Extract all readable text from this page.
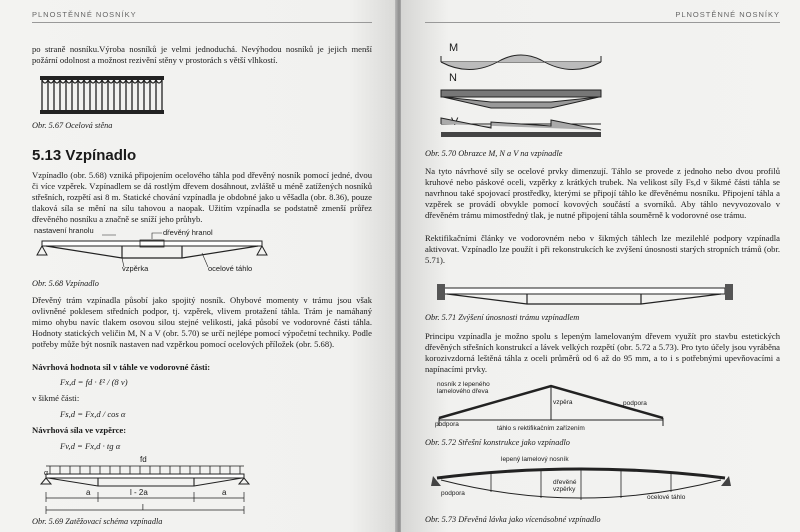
PLNOSTĚNNÉ NOSNÍKY

po straně nosníku.Výroba nosníků je velmi jednoduchá. Nevýhodou nosníků je jejich menší požární odolnost a možnost rezivění stěny v prostorách s větší vlhkostí.

Obr. 5.67 Ocelová stěna
5.13 Vzpínadlo

Vzpínadlo (obr. 5.68) vzniká připojením ocelového táhla pod dřevěný nosník pomocí jedné, dvou či více vzpěrek. Vzpínadlem se dá rostlým dřevem dosáhnout, zvláště u méně zatížených nosníků střešních, rozpětí asi 8 m. Statické chování vzpínadla je obdobné jako u věšadla (obr. 8.36), pouze tlaková síla se mění na sílu tahovou a naopak. Užitím vzpínadla se podstatně zmenší průřez dřevěného nosníku a značně se sníží jeho průhyb.

nastavení hranolu	dřevěný hranol
vzpěrka	ocelové táhlo
Obr. 5.68 Vzpínadlo

Dřevěný trám vzpínadla působí jako spojitý nosník. Ohybové momenty v trámu jsou však ovlivněné poklesem středních podpor, tj. vzpěrek, vlivem protažení táhla. Trám je namáhaný mimo ohybu navíc tlakem osovou silou stejné velikosti, jaká působí ve vodorovné části táhla. Hodnoty statických veličin M, N a V (obr. 5.70) se určí nejlépe pomocí výpočetní techniky. Podle potřeby může být nosník nastaven nad vzpěrkou pomocí ocelových příložek (obr. 5.68).

Návrhová hodnota sil v táhle ve vodorovné části:
Fx,d = fd · ℓ² / (8 v)
v šikmé části:
Fs,d = Fx,d / cos α
Návrhová síla ve vzpěrce:
Fv,d = Fx,d · tg α
fd
α
a	l - 2a	a
l
Obr. 5.69 Zatěžovací schéma vzpínadla
PLNOSTĚNNÉ NOSNÍKY
M
N
Obr. 5.70 Obrazce M, N a V na vzpínadle

Na tyto návrhové síly se ocelové prvky dimenzují. Táhlo se provede z jednoho nebo dvou profilů kruhové nebo páskové oceli, vzpěrky z krátkých trubek. Na velikost síly Fs,d v šikmé části táhla se navrhnou také spojovací prostředky, kterými se připojí táhlo ke dřevěnému nosníku. Připojení táhla a vzpěrek se provádí obvykle pomocí kovových součástí a svorníků. Aby táhlo nevyvozovalo v dřevěném trámu mimostředný tlak, je nutné připojení táhla souměrně k vodorovné ose trámu.

Rektifikačními články ve vodorovném nebo v šikmých táhlech lze mezilehlé podpory vzpínadla aktivovat. Vzpínadlo lze použít i při rekonstrukcích ke zvýšení únosnosti starých stropních trámů (obr. 5.71).

Obr. 5.71 Zvýšení únosnosti trámu vzpínadlem

Principu vzpínadla je možno spolu s lepeným lamelovaným dřevem využít pro stavbu estetických dřevěných střešních konstrukcí a lávek velkých rozpětí (obr. 5.72 a 5.73). Pro tyto účely jsou vyráběna korozivzdorná leštěná táhla z oceli průměrů od 6 až do 95 mm, a to i s potřebnými upevňovacími a napínacími prvky.

nosník z lepeného lamelového dřeva
vzpěra	podpora
podpora
táhlo s rektifikačním zařízením
Obr. 5.72 Střešní konstrukce jako vzpínadlo
lepený lamelový nosník
dřevěné vzpěrky
podpora
ocelové táhlo
Obr. 5.73 Dřevěná lávka jako vícenásobné vzpínadlo
